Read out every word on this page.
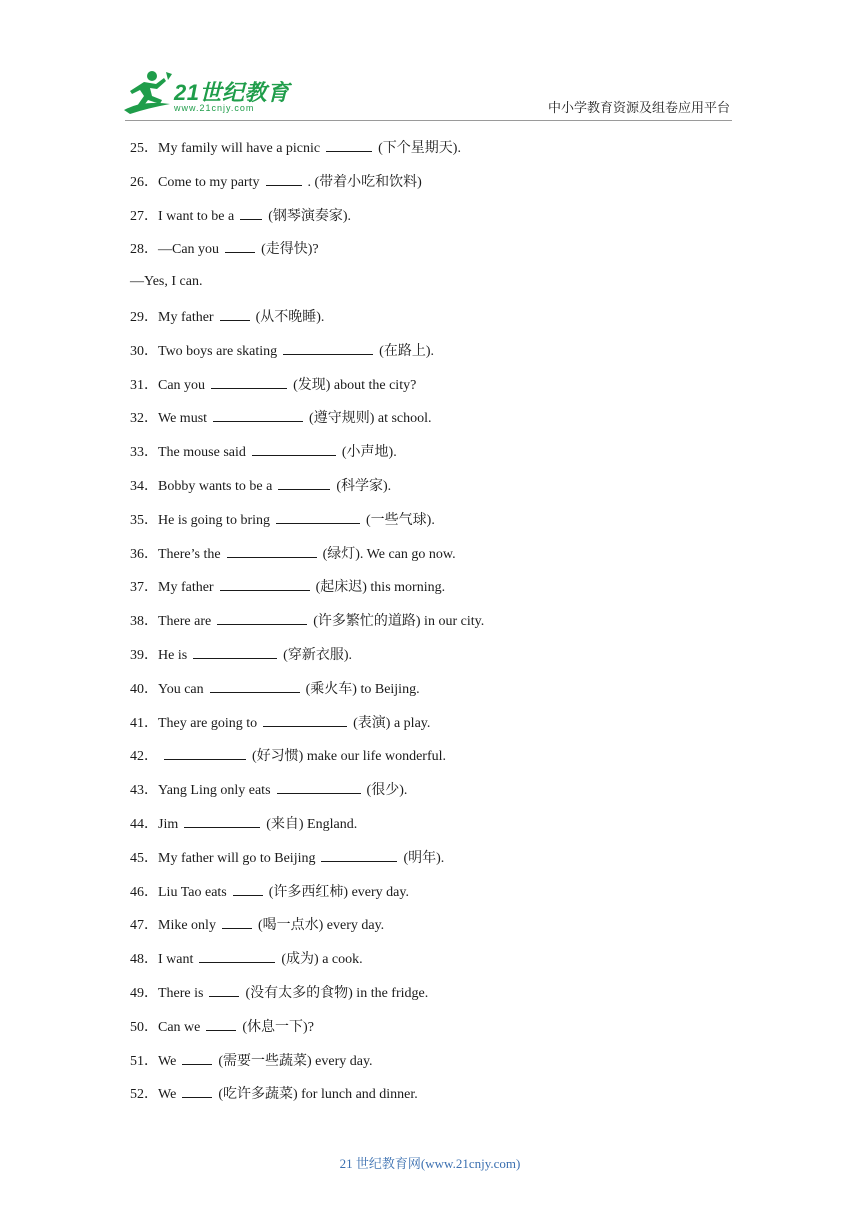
21世纪教育
www.21cnjy.com	中小学教育资源及组卷应用平台
25．My family will have a picnic	(下个星期天).
26．Come to my party	. (带着小吃和饮料)
27．I want to be a (钢琴演奏家).
28．—Can you	(走得快)?
—Yes, I can.
29．My father	(从不晚睡).
30．Two boys are skating	(在路上).
31．Can you	(发现) about the city?
32．We must	(遵守规则) at school.
33．The mouse said	(小声地).
34．Bobby wants to be a	(科学家).
35．He is going to bring	(一些气球).
36．There’s the	(绿灯). We can go now.
37．My father	(起床迟) this morning.
38．There are	(许多繁忙的道路) in our city.
39．He is	(穿新衣服).
40．You can	(乘火车) to Beijing.
41．They are going to	(表演) a play.
42．	(好习惯) make our life wonderful.
43．Yang Ling only eats	(很少).
44．Jim	(来自) England.
45．My father will go to Beijing	(明年).
46．Liu Tao eats	(许多西红柿) every day.
47．Mike only	(喝一点水) every day.
48．I want	(成为) a cook.
49．There is	(没有太多的食物) in the fridge.
50．Can we	(休息一下)?
51．We	(需要一些蔬菜) every day.
52．We	(吃许多蔬菜) for lunch and dinner.
21 世纪教育网(www.21cnjy.com)
